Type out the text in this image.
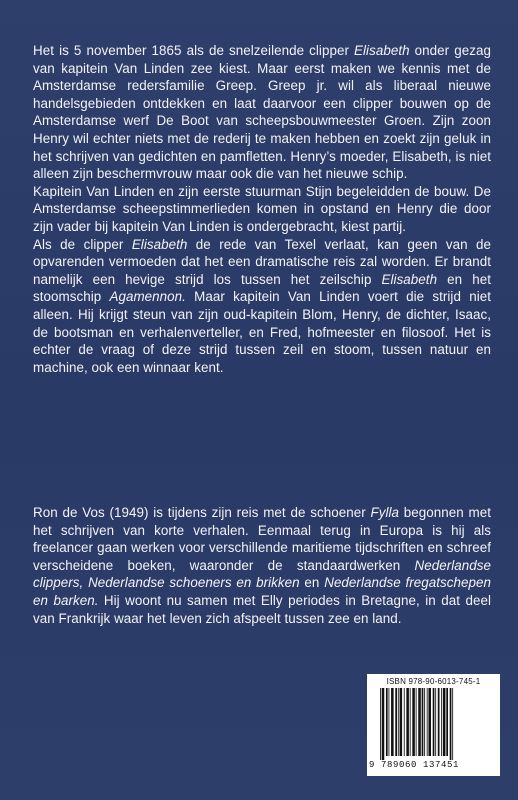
Het is 5 november 1865 als de snelzeilende clipper Elisabeth onder gezag van kapitein Van Linden zee kiest. Maar eerst maken we kennis met de Amsterdamse redersfamilie Greep. Greep jr. wil als liberaal nieuwe handelsgebieden ontdekken en laat daarvoor een clipper bouwen op de Amsterdamse werf De Boot van scheepsbouwmeester Groen. Zijn zoon Henry wil echter niets met de rederij te maken hebben en zoekt zijn geluk in het schrijven van gedichten en pamfletten. Henry’s moeder, Elisabeth, is niet alleen zijn beschermvrouw maar ook die van het nieuwe schip.

Kapitein Van Linden en zijn eerste stuurman Stijn begeleidden de bouw. De Amsterdamse scheepstimmerlieden komen in opstand en Henry die door zijn vader bij kapitein Van Linden is ondergebracht, kiest partij.

Als de clipper Elisabeth de rede van Texel verlaat, kan geen van de opvarenden vermoeden dat het een dramatische reis zal worden. Er brandt namelijk een hevige strijd los tussen het zeilschip Elisabeth en het stoomschip Agamennon. Maar kapitein Van Linden voert die strijd niet alleen. Hij krijgt steun van zijn oud-kapitein Blom, Henry, de dichter, Isaac, de bootsman en verhalenverteller, en Fred, hofmeester en filosoof. Het is echter de vraag of deze strijd tussen zeil en stoom, tussen natuur en machine, ook een winnaar kent.

Ron de Vos (1949) is tijdens zijn reis met de schoener Fylla begonnen met het schrijven van korte verhalen. Eenmaal terug in Europa is hij als freelancer gaan werken voor verschillende maritieme tijdschriften en schreef verscheidene boeken, waaronder de standaardwerken Nederlandse clippers, Nederlandse schoeners en brikken en Nederlandse fregatschepen en barken. Hij woont nu samen met Elly periodes in Bretagne, in dat deel van Frankrijk waar het leven zich afspeelt tussen zee en land.

ISBN 978-90-6013-745-1
9 789060 137451
